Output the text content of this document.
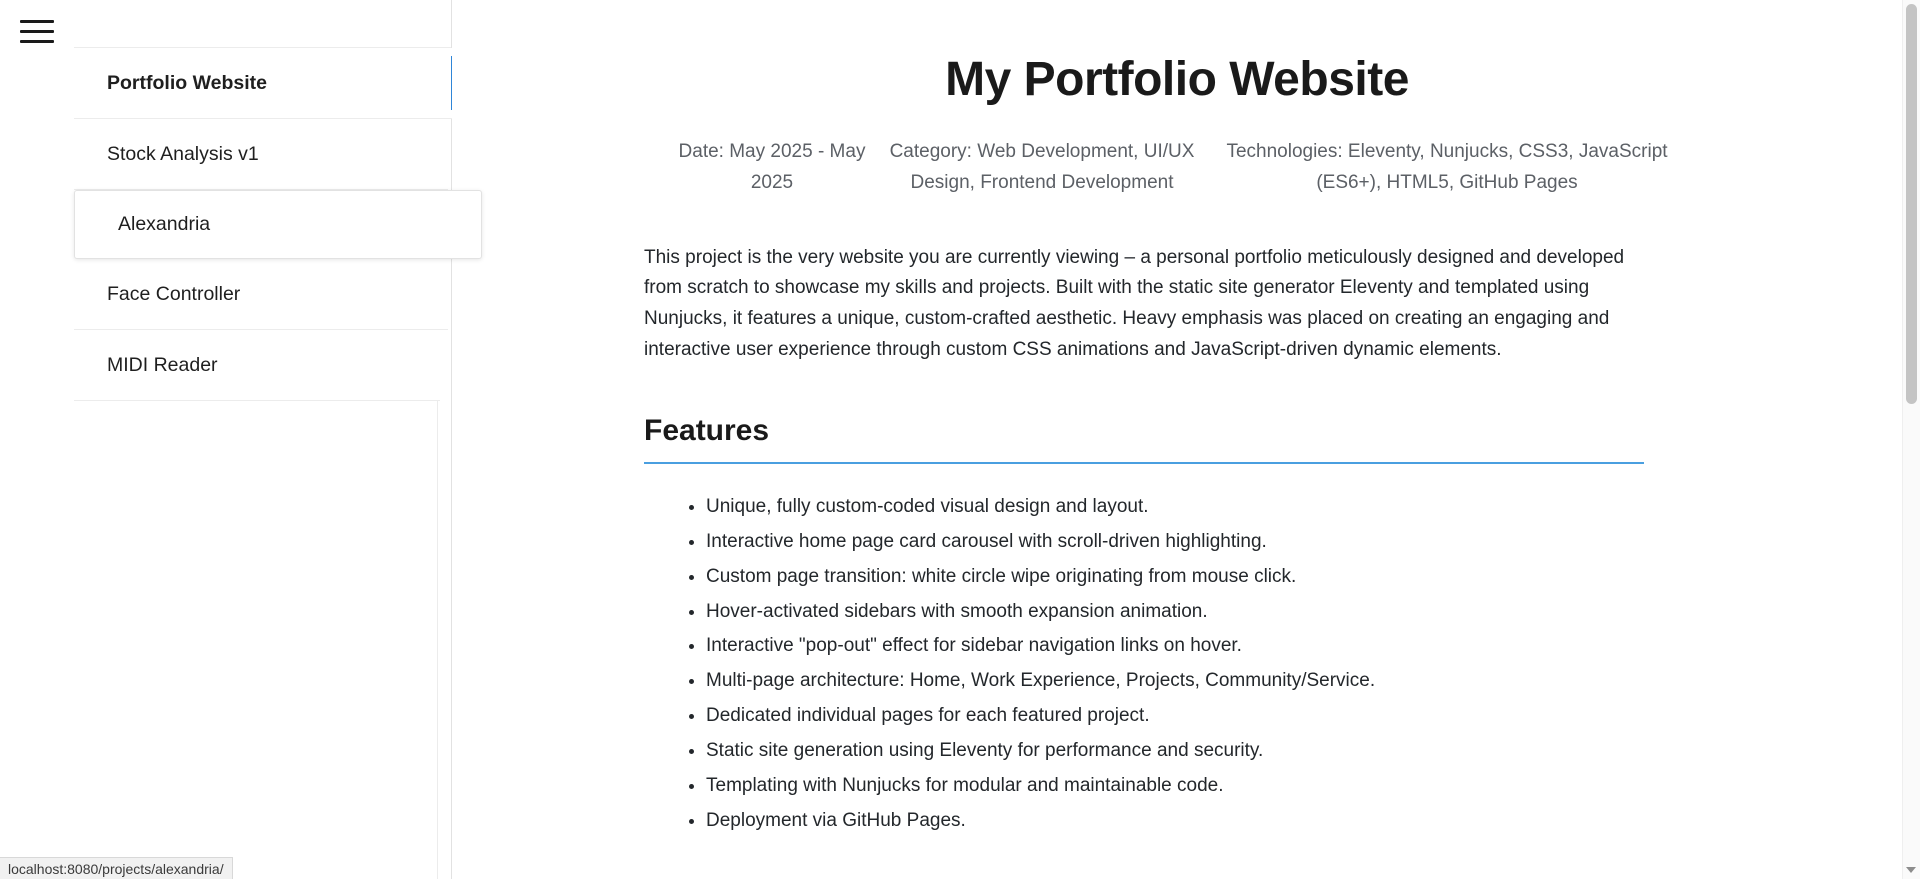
Portfolio Website
Stock Analysis v1
Alexandria
Face Controller
MIDI Reader
My Portfolio Website
Date: May 2025 - May 2025
Category: Web Development, UI/UX Design, Frontend Development
Technologies: Eleventy, Nunjucks, CSS3, JavaScript (ES6+), HTML5, GitHub Pages

This project is the very website you are currently viewing – a personal portfolio meticulously designed and developed from scratch to showcase my skills and projects. Built with the static site generator Eleventy and templated using Nunjucks, it features a unique, custom-crafted aesthetic. Heavy emphasis was placed on creating an engaging and interactive user experience through custom CSS animations and JavaScript-driven dynamic elements.

Features
• Unique, fully custom-coded visual design and layout.
• Interactive home page card carousel with scroll-driven highlighting.
• Custom page transition: white circle wipe originating from mouse click.
• Hover-activated sidebars with smooth expansion animation.
• Interactive "pop-out" effect for sidebar navigation links on hover.
• Multi-page architecture: Home, Work Experience, Projects, Community/Service.
• Dedicated individual pages for each featured project.
• Static site generation using Eleventy for performance and security.
• Templating with Nunjucks for modular and maintainable code.
• Deployment via GitHub Pages.
localhost:8080/projects/alexandria/
